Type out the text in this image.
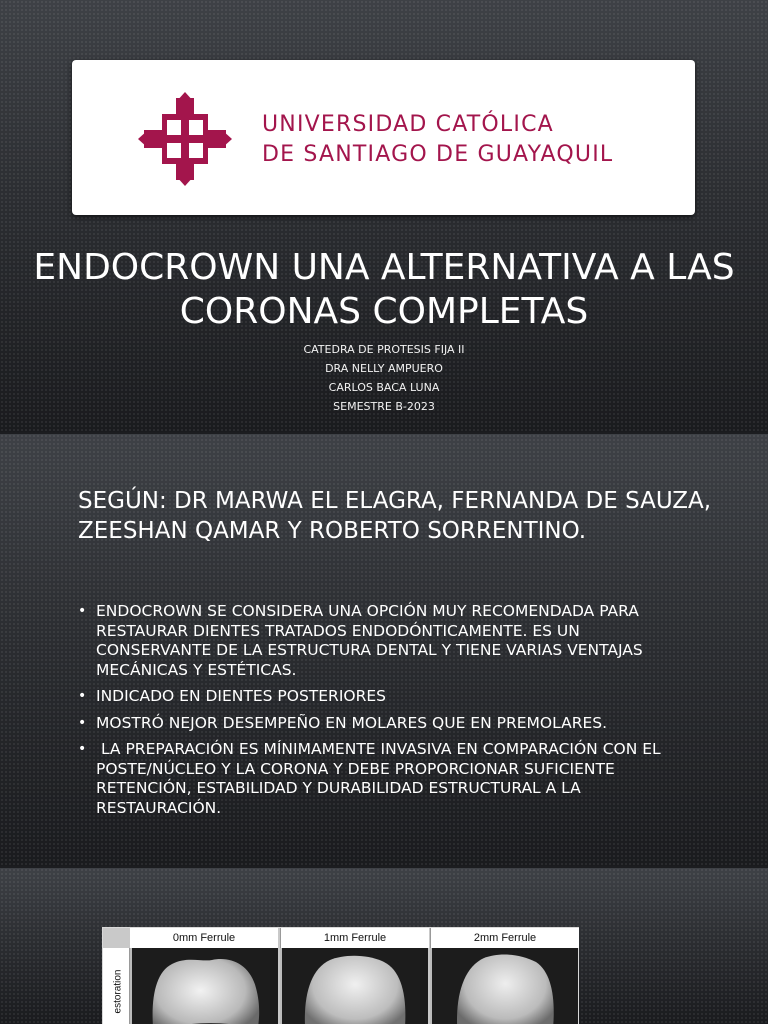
UNIVERSIDAD CATÓLICA
DE SANTIAGO DE GUAYAQUIL
ENDOCROWN UNA ALTERNATIVA A LAS CORONAS COMPLETAS
CATEDRA DE PROTESIS FIJA II
DRA NELLY AMPUERO
CARLOS BACA LUNA
SEMESTRE B-2023
SEGÚN: DR MARWA EL ELAGRA, FERNANDA DE SAUZA, ZEESHAN QAMAR Y ROBERTO SORRENTINO.
• ENDOCROWN SE CONSIDERA UNA OPCIÓN MUY RECOMENDADA PARA RESTAURAR DIENTES TRATADOS ENDODÓNTICAMENTE. ES UN CONSERVANTE DE LA ESTRUCTURA DENTAL Y TIENE VARIAS VENTAJAS MECÁNICAS Y ESTÉTICAS.
• INDICADO EN DIENTES POSTERIORES
• MOSTRÓ NEJOR DESEMPEÑO EN MOLARES QUE EN PREMOLARES.
• LA PREPARACIÓN ES MÍNIMAMENTE INVASIVA EN COMPARACIÓN CON EL POSTE/NÚCLEO Y LA CORONA Y DEBE PROPORCIONAR SUFICIENTE RETENCIÓN, ESTABILIDAD Y DURABILIDAD ESTRUCTURAL A LA RESTAURACIÓN.
estoration
0mm Ferrule	1mm Ferrule	2mm Ferrule
